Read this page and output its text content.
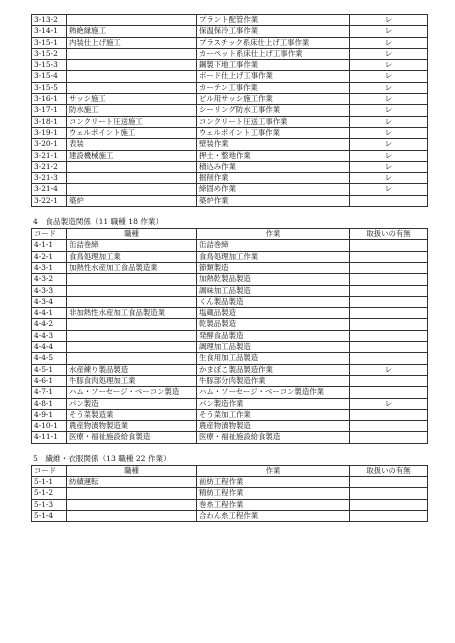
3-13-2		プラント配管作業	レ
3-14-1	熱絶縁施工	保温保冷工事作業	レ
3-15-1	内装仕上げ施工	プラスチック系床仕上げ工事作業	レ
3-15-2		カーペット系床仕上げ工事作業	レ
3-15-3		鋼製下地工事作業	レ
3-15-4		ボード仕上げ工事作業	レ
3-15-5		カーテン工事作業	レ
3-16-1	サッシ施工	ビル用サッシ施工作業	レ
3-17-1	防水施工	シーリング防水工事作業	レ
3-18-1	コンクリート圧送施工	コンクリート圧送工事作業	レ
3-19-1	ウェルポイント施工	ウェルポイント工事作業	レ
3-20-1	表装	壁装作業	レ
3-21-1	建設機械施工	押土・整地作業	レ
3-21-2		積込み作業	レ
3-21-3		掘削作業	レ
3-21-4		締固め作業	レ
3-22-1	築炉	築炉作業	
4　食品製造関係（11 職種 18 作業）
コード	職種	作業	取扱いの有無
4-1-1	缶詰巻締	缶詰巻締	
4-2-1	食鳥処理加工業	食鳥処理加工作業	
4-3-1	加熱性水産加工食品製造業	節類製造	
4-3-2		加熱乾製品製造	
4-3-3		調味加工品製造	
4-3-4		くん製品製造	
4-4-1	非加熱性水産加工食品製造業	塩蔵品製造	
4-4-2		乾製品製造	
4-4-3		発酵食品製造	
4-4-4		調理加工品製造	
4-4-5		生食用加工品製造	
4-5-1	水産練り製品製造	かまぼこ製品製造作業	レ
4-6-1	牛豚食肉処理加工業	牛豚部分肉製造作業	
4-7-1	ハム・ソーセージ・ベーコン製造	ハム・ソーセージ・ベーコン製造作業	
4-8-1	パン製造	パン製造作業	レ
4-9-1	そう菜製造業	そう菜加工作業	
4-10-1	農産物漬物製造業	農産物漬物製造	
4-11-1	医療・福祉施設給食製造	医療・福祉施設給食製造	
5　繊維・衣服関係（13 職種 22 作業）
コード	職種	作業	取扱いの有無
5-1-1	紡績運転	前紡工程作業	
5-1-2		精紡工程作業	
5-1-3		巻糸工程作業	
5-1-4		合わん糸工程作業	
